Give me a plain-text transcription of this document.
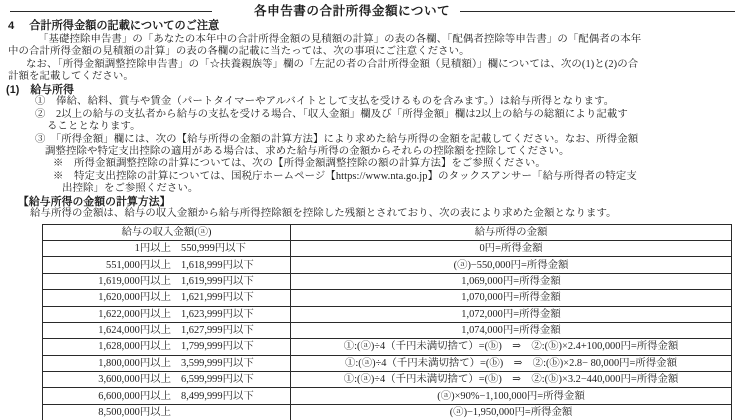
各申告書の合計所得金額について
4 合計所得金額の記載についてのご注意
「基礎控除申告書」の「あなたの本年中の合計所得金額の見積額の計算」の表の各欄、「配偶者控除等申告書」の「配偶者の本年
中の合計所得金額の見積額の計算」の表の各欄の記載に当たっては、次の事項にご注意ください。
なお、「所得金額調整控除申告書」の「☆扶養親族等」欄の「左記の者の合計所得金額（見積額）」欄については、次の(1)と(2)の合
計額を記載してください。
(1)　給与所得
①　俸給、給料、賞与や賃金（パートタイマーやアルバイトとして支払を受けるものを含みます。）は給与所得となります。
②　2以上の給与の支払者から給与の支払を受ける場合、「収入金額」欄及び「所得金額」欄は2以上の給与の総額により記載す
ることとなります。
③　「所得金額」欄には、次の【給与所得の金額の計算方法】により求めた給与所得の金額を記載してください。なお、所得金額
調整控除や特定支出控除の適用がある場合は、求めた給与所得の金額からそれらの控除額を控除してください。
※　所得金額調整控除の計算については、次の【所得金額調整控除の額の計算方法】をご参照ください。
※　特定支出控除の計算については、国税庁ホームページ【https://www.nta.go.jp】のタックスアンサー「給与所得者の特定支
出控除」をご参照ください。
【給与所得の金額の計算方法】
給与所得の金額は、給与の収入金額から給与所得控除額を控除した残額とされており、次の表により求めた金額となります。
給与の収入金額(ⓐ)	給与所得の金額

1円以上 550,999円以下	0円=所得金額

551,000円以上 1,618,999円以下	(ⓐ)−550,000円=所得金額

1,619,000円以上 1,619,999円以下	1,069,000円=所得金額

1,620,000円以上 1,621,999円以下	1,070,000円=所得金額

1,622,000円以上 1,623,999円以下	1,072,000円=所得金額

1,624,000円以上 1,627,999円以下	1,074,000円=所得金額

1,628,000円以上 1,799,999円以下	①:(ⓐ)÷4（千円未満切捨て）=(ⓑ)　⇒　②:(ⓑ)×2.4+100,000円=所得金額

1,800,000円以上 3,599,999円以下	①:(ⓐ)÷4（千円未満切捨て）=(ⓑ)　⇒　②:(ⓑ)×2.8− 80,000円=所得金額

3,600,000円以上 6,599,999円以下	①:(ⓐ)÷4（千円未満切捨て）=(ⓑ)　⇒　②:(ⓑ)×3.2−440,000円=所得金額

6,600,000円以上 8,499,999円以下	(ⓐ)×90%−1,100,000円=所得金額

8,500,000円以上	(ⓐ)−1,950,000円=所得金額
